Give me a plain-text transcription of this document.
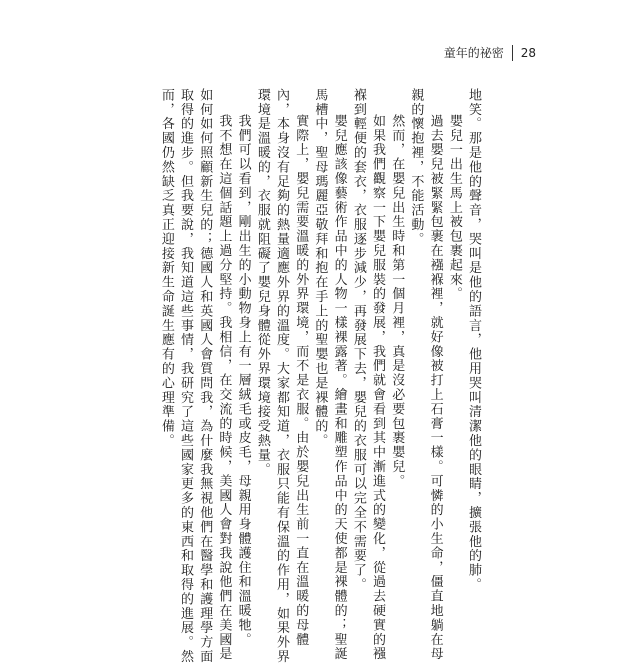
童年的祕密 28
地笑。那是他的聲音，哭叫是他的語言，他用哭叫清潔他的眼睛，擴張他的肺。
嬰兒一出生馬上被包裹起來。
過去嬰兒被緊緊包裹在襁褓裡，就好像被打上石膏一樣。可憐的小生命，僵直地躺在母
親的懷抱裡，不能活動。
然而，在嬰兒出生時和第一個月裡，真是沒必要包裹嬰兒。
如果我們觀察一下嬰兒服裝的發展，我們就會看到其中漸進式的變化，從過去硬實的襁
褓到輕便的套衣，衣服逐步減少，再發展下去，嬰兒的衣服可以完全不需要了。
嬰兒應該像藝術作品中的人物一樣裸露著。繪畫和雕塑作品中的天使都是裸體的；聖誕
馬槽中，聖母瑪麗亞敬拜和抱在手上的聖嬰也是裸體的。
實際上，嬰兒需要溫暖的外界環境，而不是衣服。由於嬰兒出生前一直在溫暖的母體
內，本身沒有足夠的熱量適應外界的溫度。大家都知道，衣服只能有保溫的作用，如果外界
環境是溫暖的，衣服就阻礙了嬰兒身體從外界環境接受熱量。
我們可以看到，剛出生的小動物身上有一層絨毛或皮毛，母親用身體護住和溫暖牠。
我不想在這個話題上過分堅持。我相信，在交流的時候，美國人會對我說他們在美國是
如何如何照顧新生兒的；德國人和英國人會質問我，為什麼我無視他們在醫學和護理學方面
取得的進步。但我要說，我知道這些事情，我研究了這些國家更多的東西和取得的進展。然
而，各國仍然缺乏真正迎接新生命誕生應有的心理準備。
